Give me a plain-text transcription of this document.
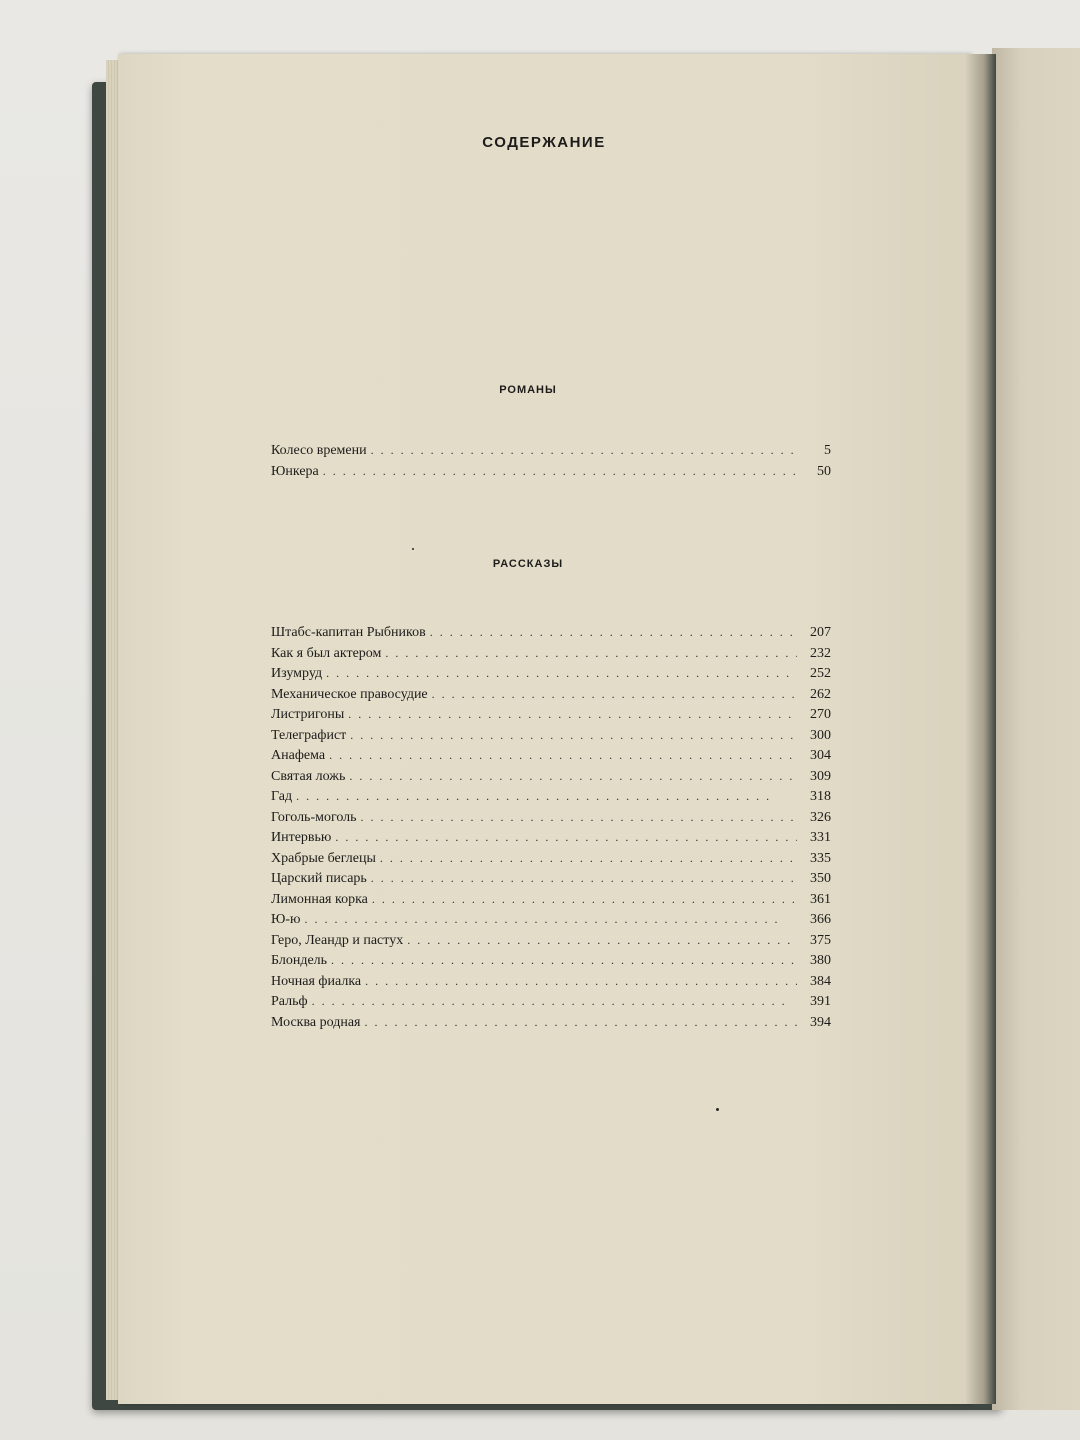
СОДЕРЖАНИЕ
РОМАНЫ
Колесо времени . . .	5
Юнкера . . .	50
РАССКАЗЫ
Штабс-капитан Рыбников . . .	207
Как я был актером . . .	232
Изумруд . . .	252
Механическое правосудие . . .	262
Листригоны . . .	270
Телеграфист . . .	300
Анафема . . .	304
Святая ложь . . .	309
Гад . . .	318
Гоголь-моголь . . .	326
Интервью . . .	331
Храбрые беглецы . . .	335
Царский писарь . . .	350
Лимонная корка . . .	361
Ю-ю . . .	366
Геро, Леандр и пастух . . .	375
Блондель . . .	380
Ночная фиалка . . .	384
Ральф . . .	391
Москва родная . . .	394
